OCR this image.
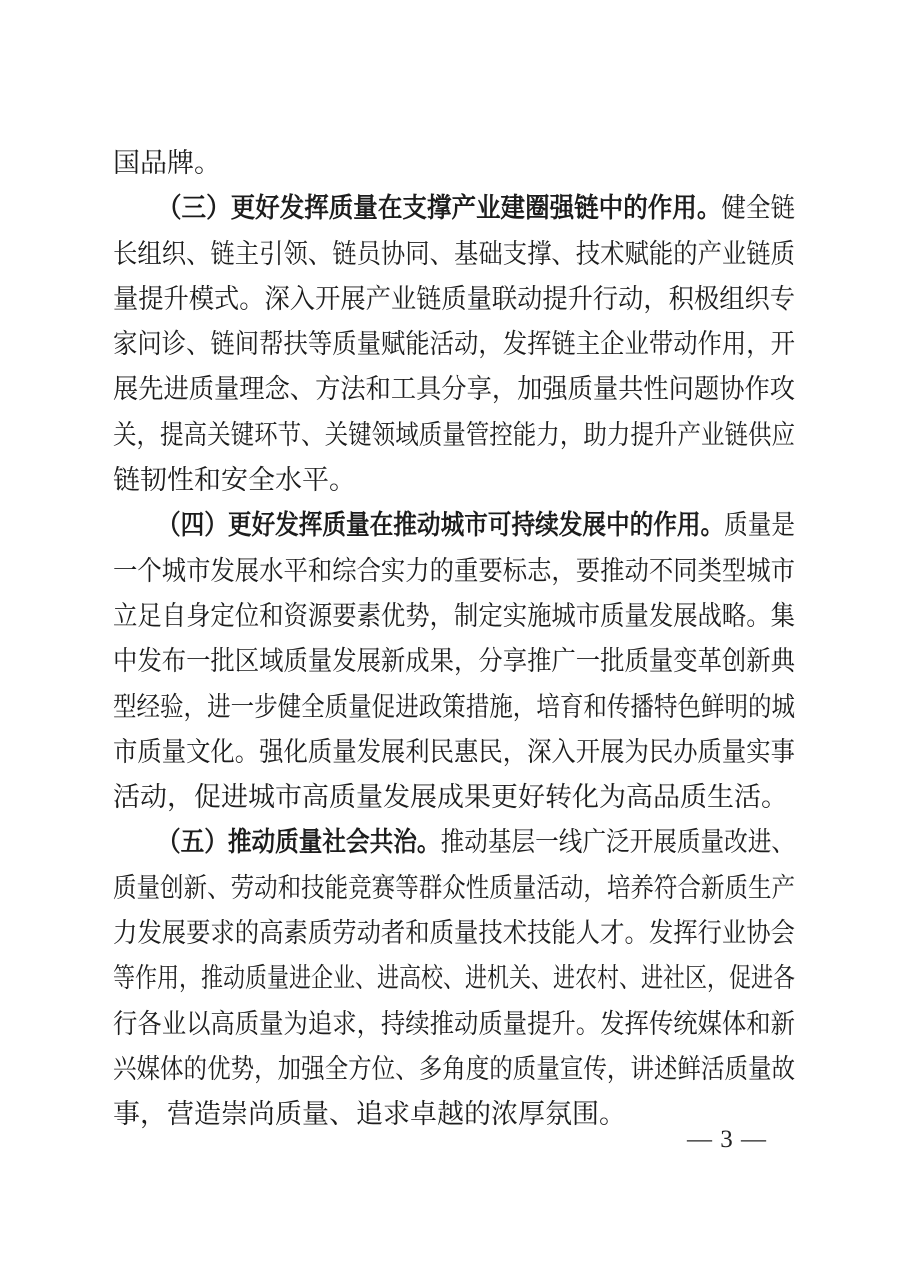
国品牌。
（三）更好发挥质量在支撑产业建圈强链中的作用。健全链
长组织、链主引领、链员协同、基础支撑、技术赋能的产业链质
量提升模式。深入开展产业链质量联动提升行动，积极组织专
家问诊、链间帮扶等质量赋能活动，发挥链主企业带动作用，开
展先进质量理念、方法和工具分享，加强质量共性问题协作攻
关，提高关键环节、关键领域质量管控能力，助力提升产业链供应
链韧性和安全水平。
（四）更好发挥质量在推动城市可持续发展中的作用。质量是
一个城市发展水平和综合实力的重要标志，要推动不同类型城市
立足自身定位和资源要素优势，制定实施城市质量发展战略。集
中发布一批区域质量发展新成果，分享推广一批质量变革创新典
型经验，进一步健全质量促进政策措施，培育和传播特色鲜明的城
市质量文化。强化质量发展利民惠民，深入开展为民办质量实事
活动，促进城市高质量发展成果更好转化为高品质生活。
（五）推动质量社会共治。推动基层一线广泛开展质量改进、
质量创新、劳动和技能竞赛等群众性质量活动，培养符合新质生产
力发展要求的高素质劳动者和质量技术技能人才。发挥行业协会
等作用，推动质量进企业、进高校、进机关、进农村、进社区，促进各
行各业以高质量为追求，持续推动质量提升。发挥传统媒体和新
兴媒体的优势，加强全方位、多角度的质量宣传，讲述鲜活质量故
事，营造崇尚质量、追求卓越的浓厚氛围。
— 3 —
